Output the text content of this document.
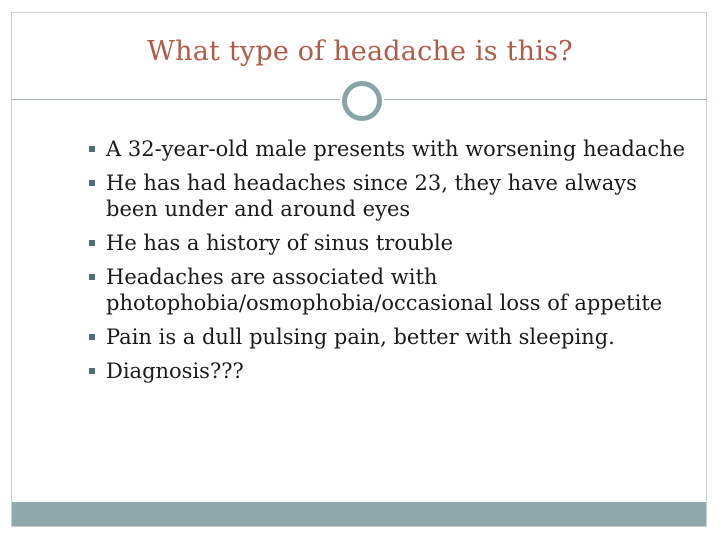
What type of headache is this?
A 32-year-old male presents with worsening headache
He has had headaches since 23, they have always been under and around eyes
He has a history of sinus trouble
Headaches are associated with photophobia/osmophobia/occasional loss of appetite
Pain is a dull pulsing pain, better with sleeping.
Diagnosis???
